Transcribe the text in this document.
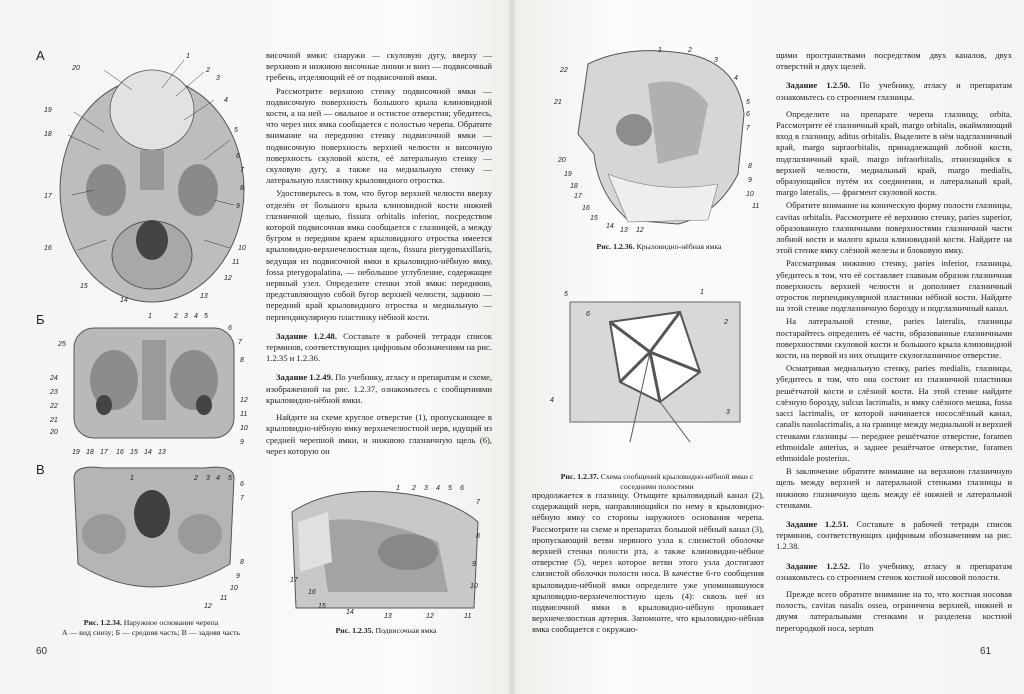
А
Б
В
20
1
2
3
4
5
6
7
8
9
10
11
12
13
14
15
16
17
18
19
25
1	2 3 4 5
6
7
8
24
23
22
21
20
19 18 17 16 15 14 13
12
11
10
9
1	2 3 4 5
6
7
8
9
10
11
12
Рис. 1.2.34. Наружное основание черепа
А — вид снизу; Б — средняя часть; В — задняя часть
1 2 3 4 5 6
7
8
9
10
11
12
13
14
15
16
17
Рис. 1.2.35. Подвисочная ямка

височной ямки: снаружи — скуловую дугу, вверху — верхнюю и нижнюю височные линии и вниз — подвисочный гребень, отделяющий её от подвисочной ямки.

Рассмотрите верхнюю стенку подвисочной ямки — подвисочную поверхность большого крыла клиновидной кости, а на ней — овальное и остистое отверстия; убедитесь, что через них ямка сообщается с полостью черепа. Обратите внимание на переднюю стенку подвисочной ямки — подвисочную поверхность верхней челюсти и височную поверхность скуловой кости, её латеральную стенку — скуловую дугу, а также на медиальную стенку — латеральную пластинку крыловидного отростка.

Удостоверьтесь в том, что бугор верхней челюсти вверху отделён от большого крыла клиновидной кости нижней глазничной щелью, fissura orbitalis inferior, посредством которой подвисочная ямка сообщается с глазницей, а между бугром и передним краем крыловидного отростка имеется крыловидно-верхнечелюстная щель, fissura pterygomaxillaris, ведущая из подвисочной ямки в крыловидно-нёбную ямку, fossa pterygopalatina, — небольшое углубление, содержащее нервный узел. Определите стенки этой ямки: переднюю, представляющую собой бугор верхней челюсти, заднюю — передний край крыловидного отростка и медиальную — перпендикулярную пластинку нёбной кости.

Задание 1.2.48. Составьте в рабочей тетради список терминов, соответствующих цифровым обозначениям на рис. 1.2.35 и 1.2.36.

Задание 1.2.49. По учебнику, атласу и препаратам и схеме, изображенной на рис. 1.2.37, ознакомьтесь с сообщениями крыловидно-нёбной ямки.

Найдите на схеме круглое отверстие (1), пропускающее в крыловидно-нёбную ямку верхнечелюстной нерв, идущий из средней черепной ямки, и нижнюю глазничную щель (6), через которую он

60
1	2
3
4
5
6
7
8
9
10
11
12
13
14
15
16
17
18
19
20
21
22
Рис. 1.2.36. Крыловидно-нёбная ямка
1
2
3
4
5
6
Рис. 1.2.37. Схема сообщений крыловидно-нёбной ямки с соседними полостями

продолжается в глазницу. Отыщите крыловидный канал (2), содержащий нерв, направляющийся по нему в крыловидно-нёбную ямку со стороны наружного основания черепа. Рассмотрите на схеме и препаратах большой нёбный канал (3), пропускающий ветви нервного узла к слизистой оболочке верхней стенки полости рта, а также клиновидно-нёбное отверстие (5), через которое ветви этого узла достигают слизистой оболочки полости носа. В качестве 6-го сообщения крыловидно-нёбной ямки определите уже упоминавшуюся крыловидно-верхнечелюстную щель (4): сквозь неё из подвисочной ямки в крыловидно-нёбную проникает верхнечелюстная артерия. Запомните, что крыловидно-нёбная ямка сообщается с окружаю-

щими пространствами посредством двух каналов, двух отверстий и двух щелей.

Задание 1.2.50. По учебнику, атласу и препаратам ознакомьтесь со строением глазницы.

Определите на препарате черепа глазницу, orbita. Рассмотрите её глазничный край, margo orbitalis, окаймляющий вход в глазницу, aditus orbitalis. Выделите в нём надглазничный край, margo supraorbitalis, принадлежащий лобной кости, подглазничный край, margo infraorbitalis, относящийся к верхней челюсти, медиальный край, margo medialis, образующийся путём их соединения, и латеральный край, margo lateralis, — фрагмент скуловой кости.

Обратите внимание на коническую форму полости глазницы, cavitas orbitalis. Рассмотрите её верхнюю стенку, paries superior, образованную глазничными поверхностями глазничной части лобной кости и малого крыла клиновидной кости. Найдите на этой стенке ямку слёзной железы и блоковую ямку.

Рассматривая нижнюю стенку, paries inferior, глазницы, убедитесь в том, что её составляет главным образом глазничная поверхность верхней челюсти и дополняет глазничный отросток перпендикулярной пластинки нёбной кости. Найдите на этой стенке подглазничную борозду и подглазничный канал.

На латеральной стенке, paries lateralis, глазницы постарайтесь определить её части, образованные глазничными поверхностями скуловой кости и большого крыла клиновидной кости, на первой из них отыщите скулоглазничное отверстие.

Осматривая медиальную стенку, paries medialis, глазницы, убедитесь в том, что она состоит из глазничной пластинки решётчатой кости и слёзной кости. На этой стенке найдите слёзную борозду, sulcus lacrimalis, и ямку слёзного мешка, fossa sacci lacrimalis, от которой начинается носослёзный канал, canalis nasolacrimalis, а на границе между медиальной и верхней стенками глазницы — переднее решётчатое отверстие, foramen ethmoidale anterius, и заднее решётчатое отверстие, foramen ethmoidale posterius.

В заключение обратите внимание на верхнюю глазничную щель между верхней и латеральной стенками глазницы и нижнюю глазничную щель между её нижней и латеральной стенками.

Задание 1.2.51. Составьте в рабочей тетради список терминов, соответствующих цифровым обозначениям на рис. 1.2.38.

Задание 1.2.52. По учебнику, атласу и препаратам ознакомьтесь со строением стенок костной носовой полости.

Прежде всего обратите внимание на то, что костная носовая полость, cavitas nasalis ossea, ограничена верхней, нижней и двумя латеральными стенками и разделена костной перегородкой носа, septum

61
